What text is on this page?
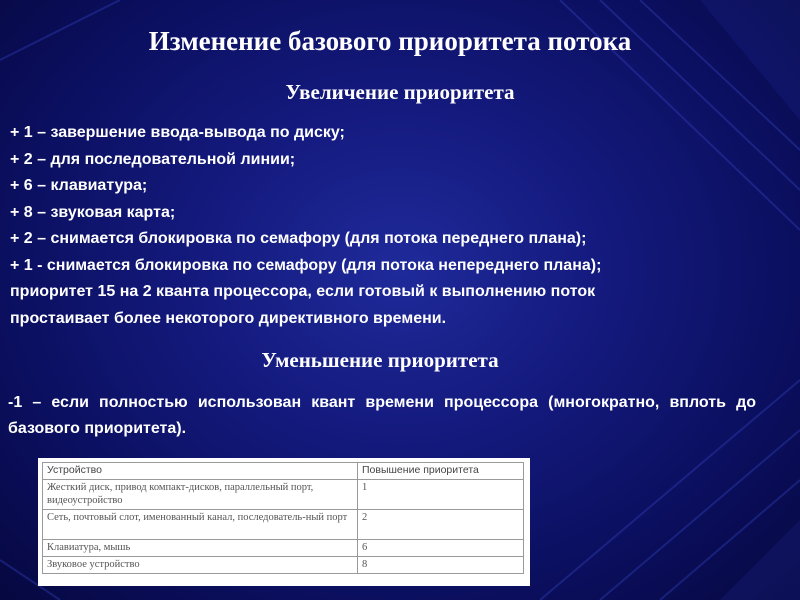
Изменение базового приоритета потока
Увеличение приоритета
+ 1 – завершение ввода-вывода по диску;
+ 2 – для последовательной линии;
+ 6 – клавиатура;
+ 8 – звуковая карта;
+ 2 – снимается блокировка по семафору (для потока переднего плана);
+ 1 - снимается блокировка по семафору (для потока непереднего плана);
приоритет 15 на 2 кванта процессора, если готовый к выполнению поток
простаивает более некоторого директивного времени.
Уменьшение приоритета

-1 – если полностью использован квант времени процессора (многократно, вплоть до базового приоритета).

Устройство	Повышение приоритета
Жесткий диск, привод компакт-дисков, параллельный порт, видеоустройство	1
Сеть, почтовый слот, именованный канал, последователь-ный порт	2
Клавиатура, мышь	6
Звуковое устройство	8
